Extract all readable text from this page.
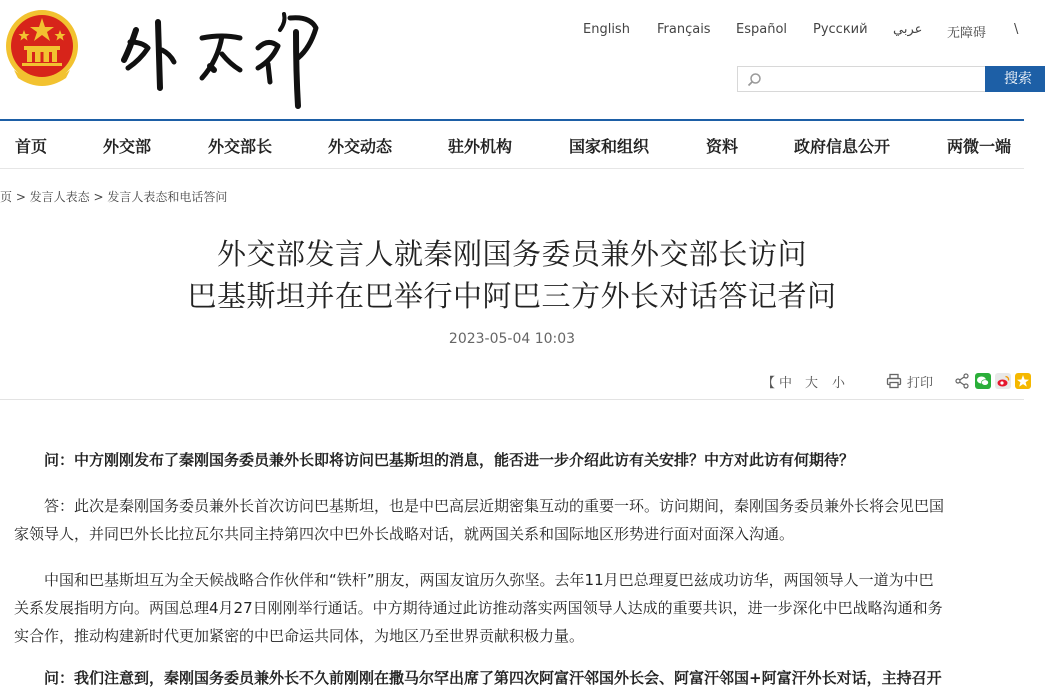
English Français Español Русский عربي 无障碍 \
搜索
首页	外交部	外交部长	外交动态	驻外机构	国家和组织	资料	政府信息公开	两微一端
页 > 发言人表态 > 发言人表态和电话答问
外交部发言人就秦刚国务委员兼外交部长访问
巴基斯坦并在巴举行中阿巴三方外长对话答记者问
2023-05-04 10:03
【 中 大 小	打印
问：中方刚刚发布了秦刚国务委员兼外长即将访问巴基斯坦的消息，能否进一步介绍此访有关安排？中方对此访有何期待？
答：此次是秦刚国务委员兼外长首次访问巴基斯坦，也是中巴高层近期密集互动的重要一环。访问期间，秦刚国务委员兼外长将会见巴国
家领导人，并同巴外长比拉瓦尔共同主持第四次中巴外长战略对话，就两国关系和国际地区形势进行面对面深入沟通。
中国和巴基斯坦互为全天候战略合作伙伴和“铁杆”朋友，两国友谊历久弥坚。去年11月巴总理夏巴兹成功访华，两国领导人一道为中巴
关系发展指明方向。两国总理4月27日刚刚举行通话。中方期待通过此访推动落实两国领导人达成的重要共识，进一步深化中巴战略沟通和务
实合作，推动构建新时代更加紧密的中巴命运共同体，为地区乃至世界贡献积极力量。
问：我们注意到，秦刚国务委员兼外长不久前刚刚在撒马尔罕出席了第四次阿富汗邻国外长会、阿富汗邻国+阿富汗外长对话，主持召开
